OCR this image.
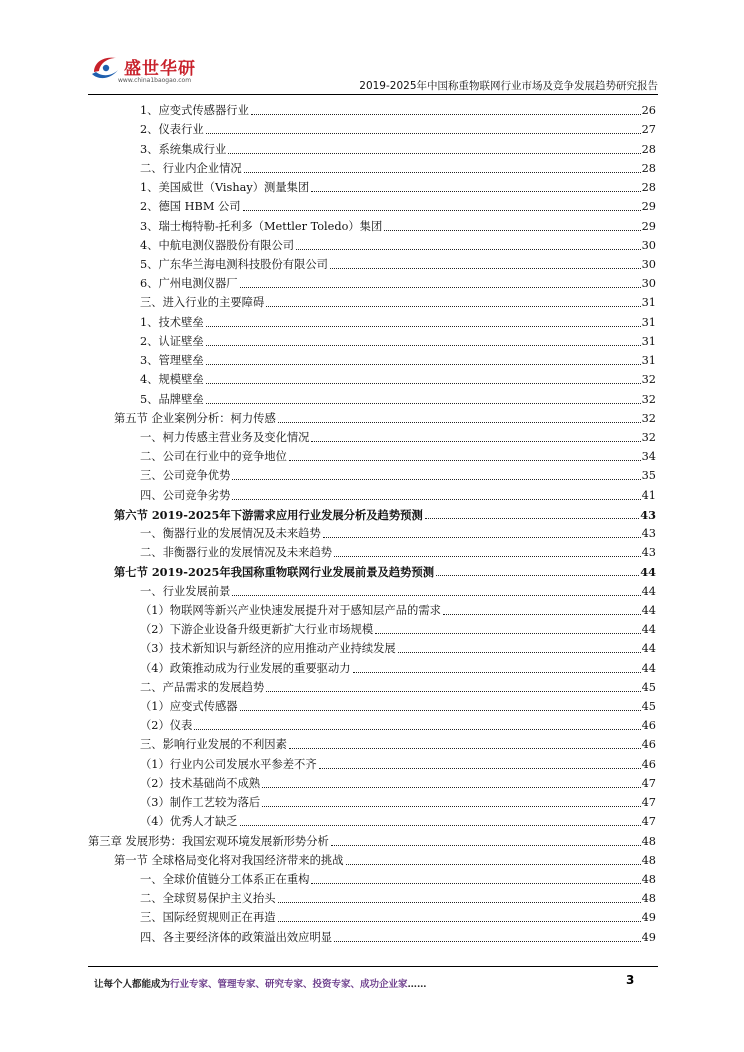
盛世华研
www.china1baogao.com	2019-2025年中国称重物联网行业市场及竞争发展趋势研究报告
1、应变式传感器行业	26
2、仪表行业	27
3、系统集成行业	28
二、行业内企业情况	28
1、美国威世（Vishay）测量集团	28
2、德国 HBM 公司	29
3、瑞士梅特勒-托利多（Mettler Toledo）集团	29
4、中航电测仪器股份有限公司	30
5、广东华兰海电测科技股份有限公司	30
6、广州电测仪器厂	30
三、进入行业的主要障碍	31
1、技术壁垒	31
2、认证壁垒	31
3、管理壁垒	31
4、规模壁垒	32
5、品牌壁垒	32
第五节 企业案例分析：柯力传感	32
一、柯力传感主营业务及变化情况	32
二、公司在行业中的竞争地位	34
三、公司竞争优势	35
四、公司竞争劣势	41
第六节 2019-2025年下游需求应用行业发展分析及趋势预测	43
一、衡器行业的发展情况及未来趋势	43
二、非衡器行业的发展情况及未来趋势	43
第七节 2019-2025年我国称重物联网行业发展前景及趋势预测	44
一、行业发展前景	44
（1）物联网等新兴产业快速发展提升对于感知层产品的需求	44
（2）下游企业设备升级更新扩大行业市场规模	44
（3）技术新知识与新经济的应用推动产业持续发展	44
（4）政策推动成为行业发展的重要驱动力	44
二、产品需求的发展趋势	45
（1）应变式传感器	45
（2）仪表	46
三、影响行业发展的不利因素	46
（1）行业内公司发展水平参差不齐	46
（2）技术基础尚不成熟	47
（3）制作工艺较为落后	47
（4）优秀人才缺乏	47
第三章 发展形势：我国宏观环境发展新形势分析	48
第一节 全球格局变化将对我国经济带来的挑战	48
一、全球价值链分工体系正在重构	48
二、全球贸易保护主义抬头	48
三、国际经贸规则正在再造	49
四、各主要经济体的政策溢出效应明显	49
让每个人都能成为行业专家、管理专家、研究专家、投资专家、成功企业家……	3
